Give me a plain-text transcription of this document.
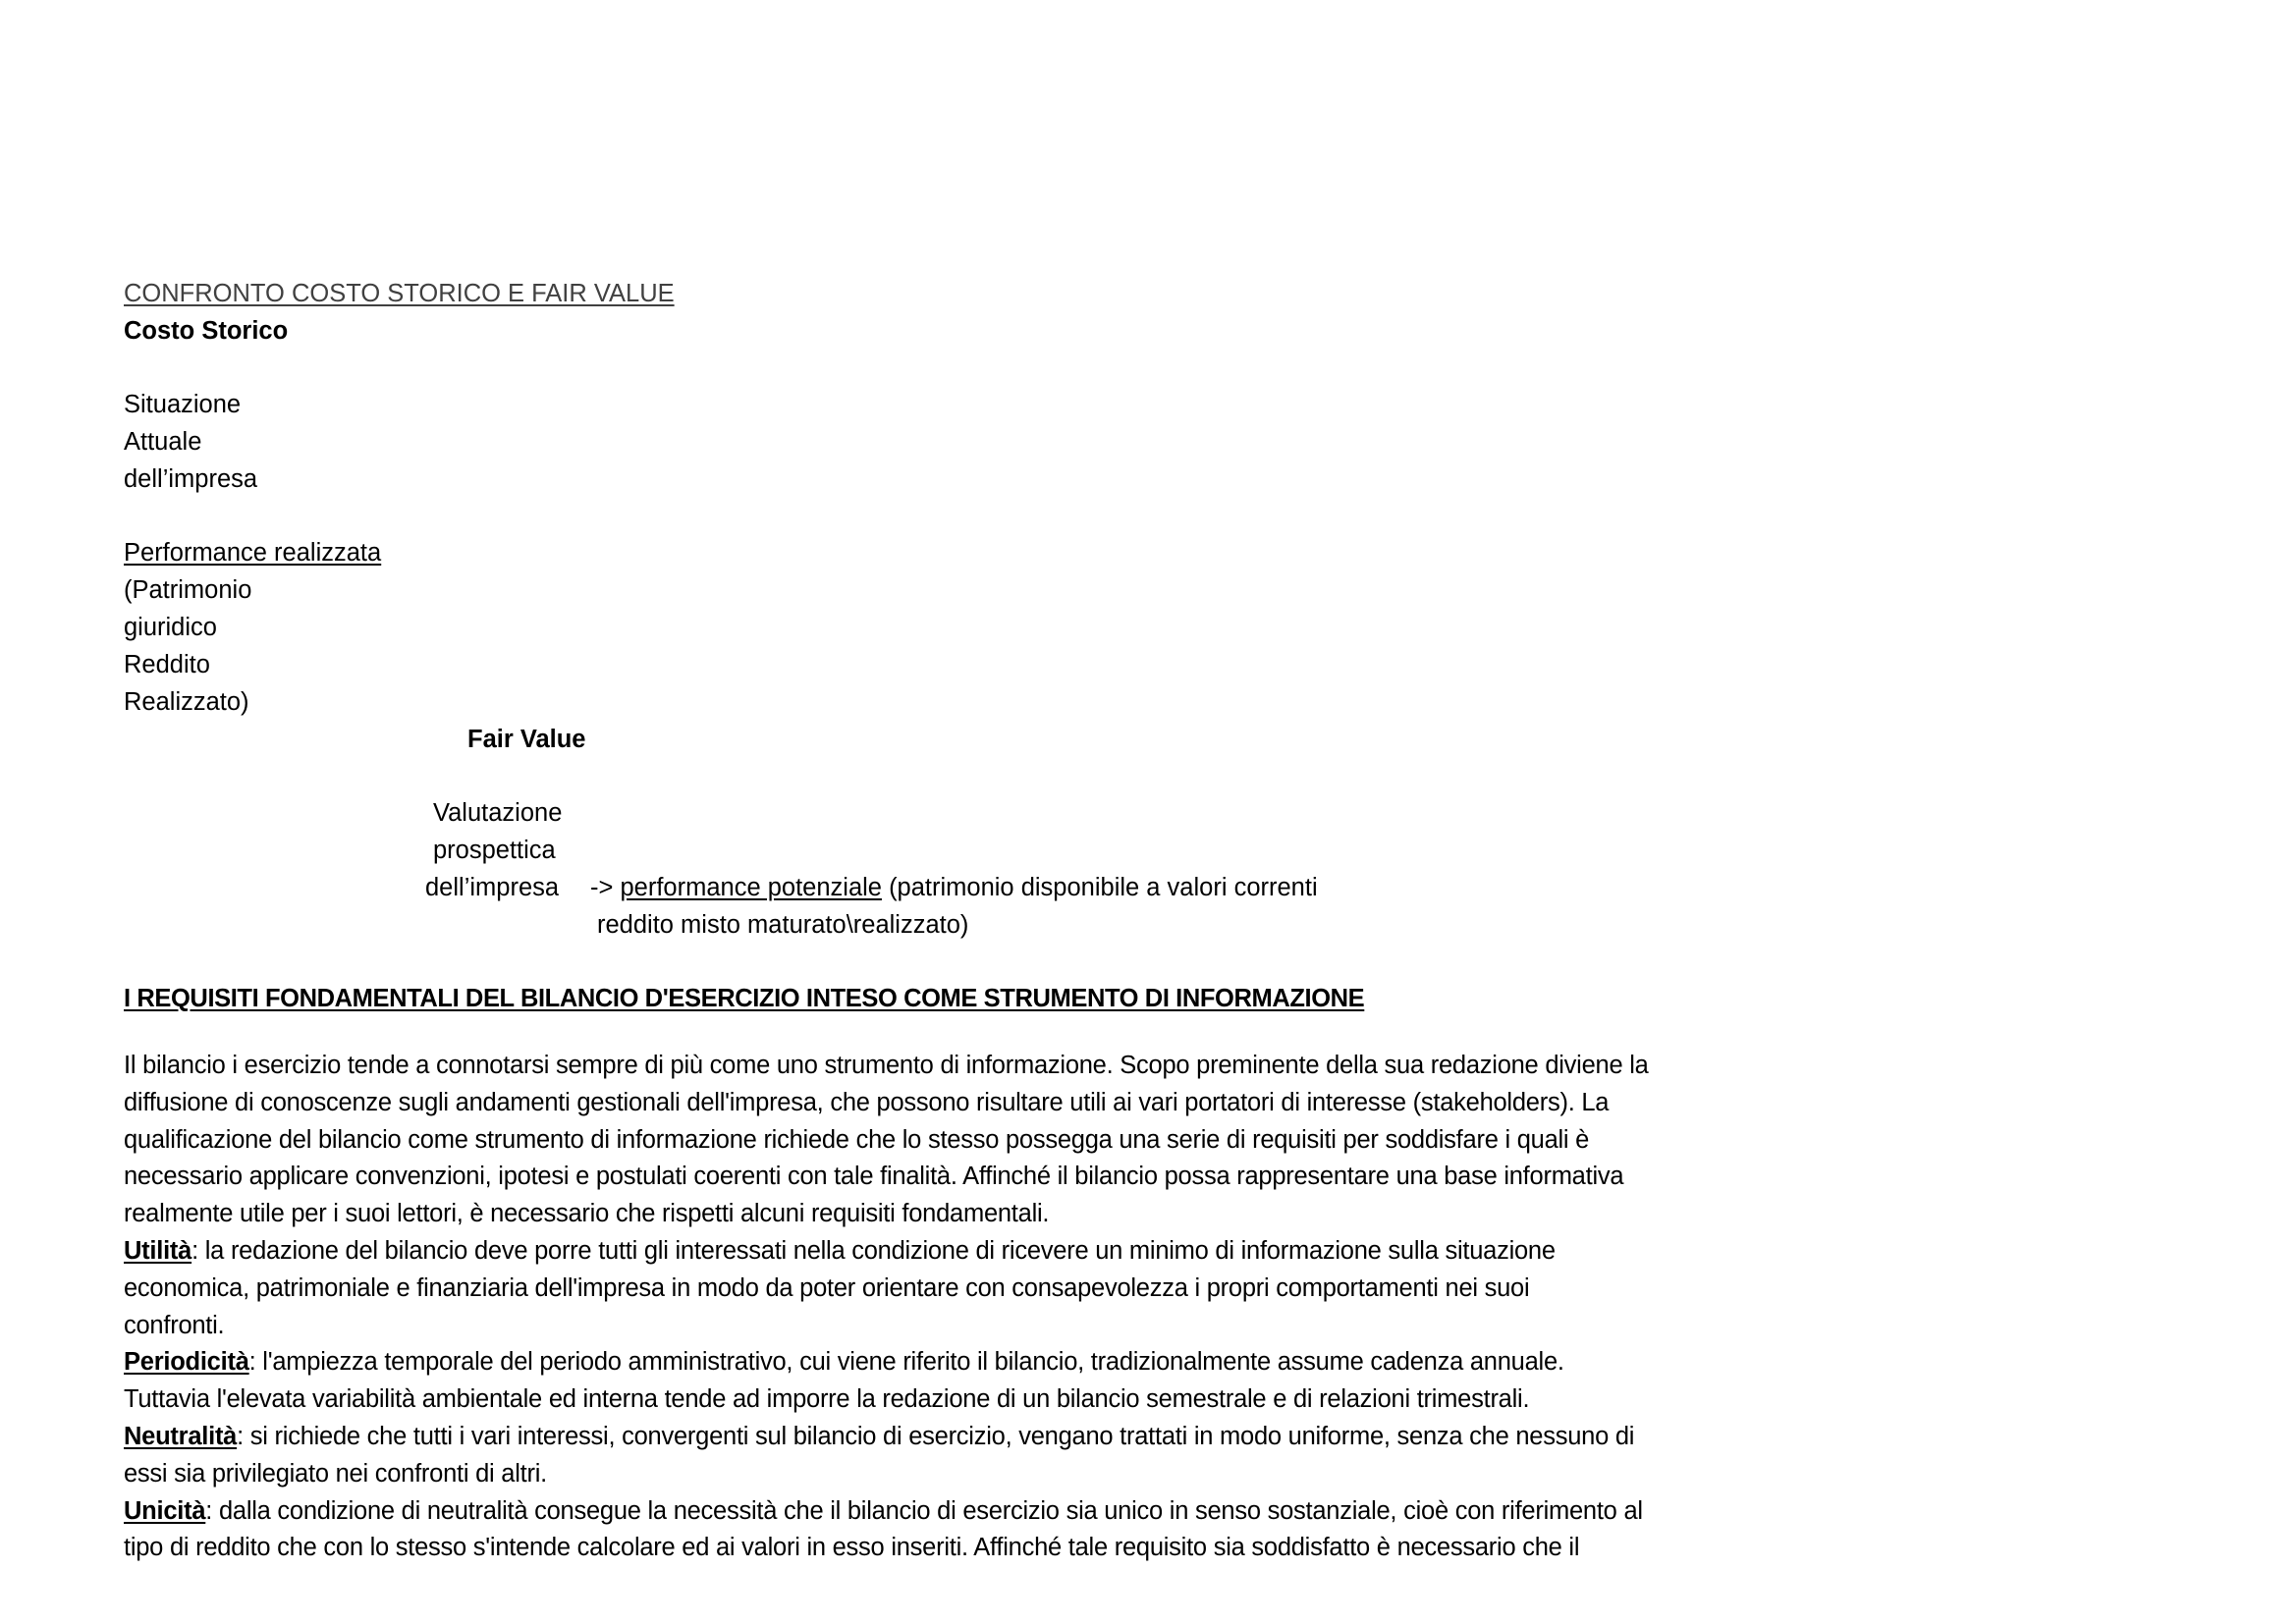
CONFRONTO COSTO STORICO E FAIR VALUE
Costo Storico
Situazione
Attuale
dell’impresa
Performance realizzata
(Patrimonio
giuridico
Reddito
Realizzato)
Fair Value
Valutazione
prospettica
dell’impresa -> performance potenziale (patrimonio disponibile a valori correnti
reddito misto maturato\realizzato)
I REQUISITI FONDAMENTALI DEL BILANCIO D'ESERCIZIO INTESO COME STRUMENTO DI INFORMAZIONE
Il bilancio i esercizio tende a connotarsi sempre di più come uno strumento di informazione. Scopo preminente della sua redazione diviene la
diffusione di conoscenze sugli andamenti gestionali dell'impresa, che possono risultare utili ai vari portatori di interesse (stakeholders). La
qualificazione del bilancio come strumento di informazione richiede che lo stesso possegga una serie di requisiti per soddisfare i quali è
necessario applicare convenzioni, ipotesi e postulati coerenti con tale finalità. Affinché il bilancio possa rappresentare una base informativa
realmente utile per i suoi lettori, è necessario che rispetti alcuni requisiti fondamentali.
Utilità: la redazione del bilancio deve porre tutti gli interessati nella condizione di ricevere un minimo di informazione sulla situazione
economica, patrimoniale e finanziaria dell'impresa in modo da poter orientare con consapevolezza i propri comportamenti nei suoi
confronti.
Periodicità: l'ampiezza temporale del periodo amministrativo, cui viene riferito il bilancio, tradizionalmente assume cadenza annuale.
Tuttavia l'elevata variabilità ambientale ed interna tende ad imporre la redazione di un bilancio semestrale e di relazioni trimestrali.
Neutralità: si richiede che tutti i vari interessi, convergenti sul bilancio di esercizio, vengano trattati in modo uniforme, senza che nessuno di
essi sia privilegiato nei confronti di altri.
Unicità: dalla condizione di neutralità consegue la necessità che il bilancio di esercizio sia unico in senso sostanziale, cioè con riferimento al
tipo di reddito che con lo stesso s'intende calcolare ed ai valori in esso inseriti. Affinché tale requisito sia soddisfatto è necessario che il
